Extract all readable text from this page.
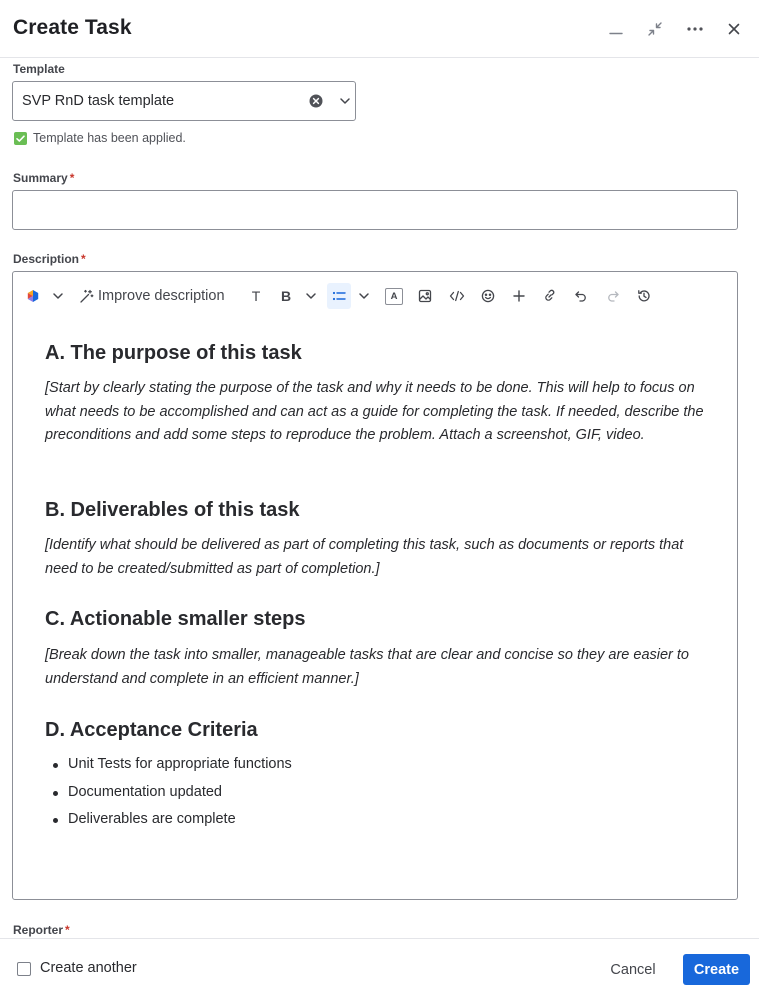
Create Task
Template
SVP RnD task template
Template has been applied.
Summary *
Description *
Improve description T B	A
A. The purpose of this task
[Start by clearly stating the purpose of the task and why it needs to be done. This will help to focus on what needs to be accomplished and can act as a guide for completing the task. If needed, describe the preconditions and add some steps to reproduce the problem. Attach a screenshot, GIF, video.
B. Deliverables of this task
[Identify what should be delivered as part of completing this task, such as documents or reports that need to be created/submitted as part of completion.]
C. Actionable smaller steps
[Break down the task into smaller, manageable tasks that are clear and concise so they are easier to understand and complete in an efficient manner.]
D. Acceptance Criteria
Unit Tests for appropriate functions
Documentation updated
Deliverables are complete
Reporter *
Create another	Cancel	Create
